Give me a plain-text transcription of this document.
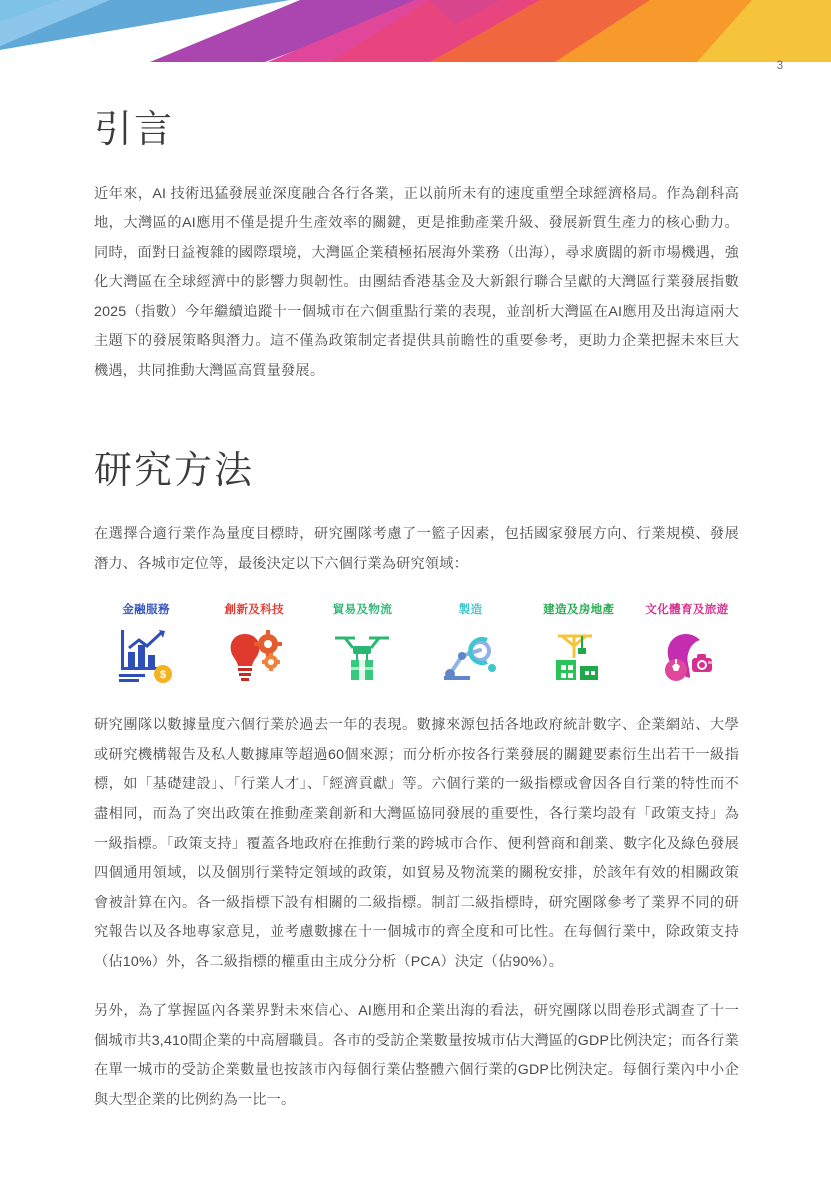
3
引言

近年來，AI 技術迅猛發展並深度融合各行各業，正以前所未有的速度重塑全球經濟格局。作為創科高地，大灣區的AI應用不僅是提升生產效率的關鍵，更是推動產業升級、發展新質生產力的核心動力。同時，面對日益複雜的國際環境，大灣區企業積極拓展海外業務（出海），尋求廣闊的新市場機遇，強化大灣區在全球經濟中的影響力與韌性。由團結香港基金及大新銀行聯合呈獻的大灣區行業發展指數2025（指數）今年繼續追蹤十一個城市在六個重點行業的表現，並剖析大灣區在AI應用及出海這兩大主題下的發展策略與潛力。這不僅為政策制定者提供具前瞻性的重要參考，更助力企業把握未來巨大機遇，共同推動大灣區高質量發展。

研究方法

在選擇合適行業作為量度目標時，研究團隊考慮了一籃子因素，包括國家發展方向、行業規模、發展潛力、各城市定位等，最後決定以下六個行業為研究領域：

金融服務
$
創新及科技	貿易及物流	製造	建造及房地產	文化體育及旅遊

研究團隊以數據量度六個行業於過去一年的表現。數據來源包括各地政府統計數字、企業網站、大學或研究機構報告及私人數據庫等超過60個來源；而分析亦按各行業發展的關鍵要素衍生出若干一級指標，如「基礎建設」、「行業人才」、「經濟貢獻」等。六個行業的一級指標或會因各自行業的特性而不盡相同，而為了突出政策在推動產業創新和大灣區協同發展的重要性，各行業均設有「政策支持」為一級指標。「政策支持」覆蓋各地政府在推動行業的跨城市合作、便利營商和創業、數字化及綠色發展四個通用領域，以及個別行業特定領域的政策，如貿易及物流業的關稅安排，於該年有效的相關政策會被計算在內。各一級指標下設有相關的二級指標。制訂二級指標時，研究團隊參考了業界不同的研究報告以及各地專家意見，並考慮數據在十一個城市的齊全度和可比性。在每個行業中，除政策支持（佔10%）外，各二級指標的權重由主成分分析（PCA）決定（佔90%）。

另外，為了掌握區內各業界對未來信心、AI應用和企業出海的看法，研究團隊以問卷形式調查了十一個城市共3,410間企業的中高層職員。各市的受訪企業數量按城市佔大灣區的GDP比例決定；而各行業在單一城市的受訪企業數量也按該市內每個行業佔整體六個行業的GDP比例決定。每個行業內中小企與大型企業的比例約為一比一。
